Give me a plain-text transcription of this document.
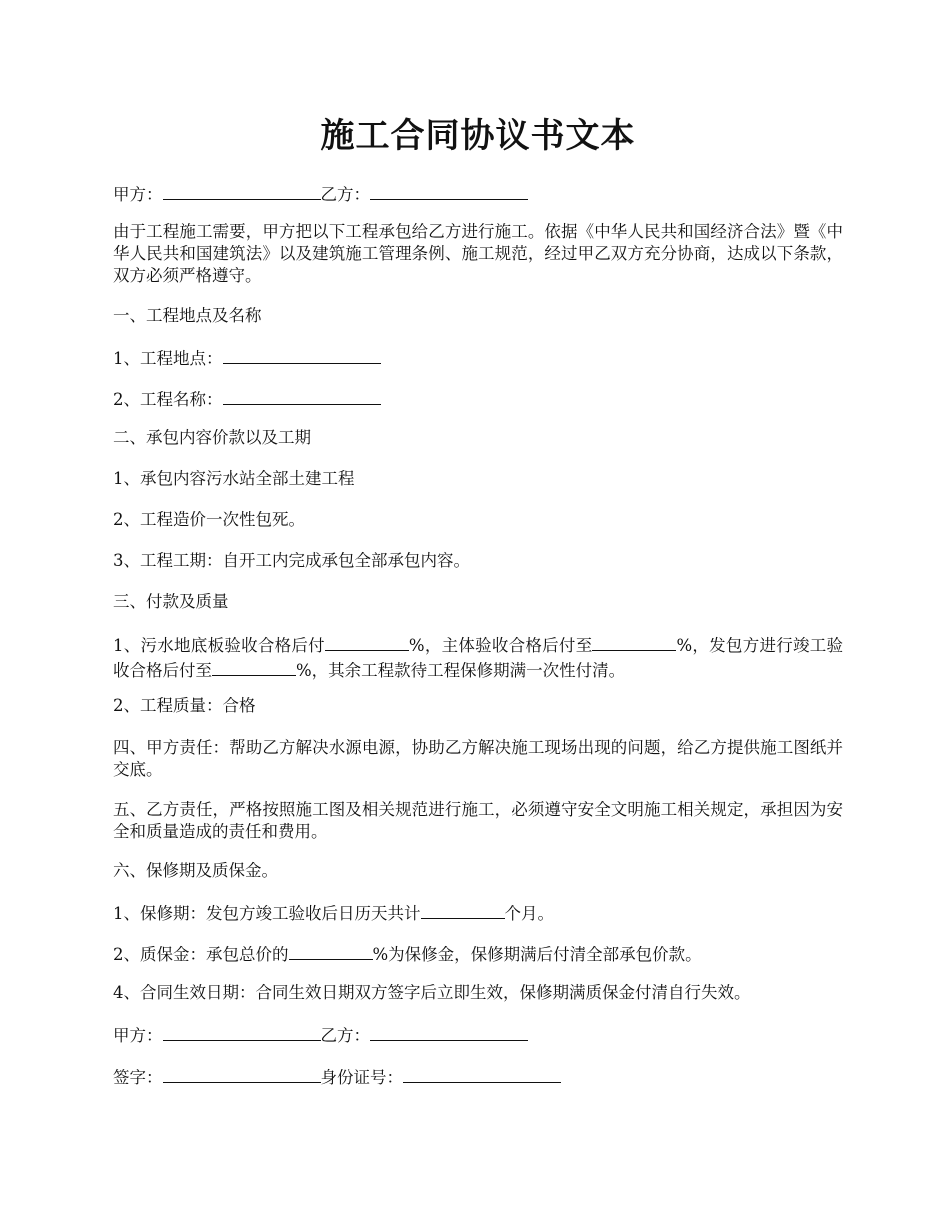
施工合同协议书文本

甲方：	乙方：

由于工程施工需要，甲方把以下工程承包给乙方进行施工。依据《中华人民共和国经济合法》暨《中华人民共和国建筑法》以及建筑施工管理条例、施工规范，经过甲乙双方充分协商，达成以下条款，双方必须严格遵守。

一、工程地点及名称

1、工程地点：

2、工程名称：

二、承包内容价款以及工期

1、承包内容污水站全部土建工程

2、工程造价一次性包死。

3、工程工期：自开工内完成承包全部承包内容。

三、付款及质量

1、污水地底板验收合格后付	%，主体验收合格后付至	%，发包方进行竣工验收合格后付至	%，其余工程款待工程保修期满一次性付清。

2、工程质量：合格

四、甲方责任：帮助乙方解决水源电源，协助乙方解决施工现场出现的问题，给乙方提供施工图纸并交底。

五、乙方责任，严格按照施工图及相关规范进行施工，必须遵守安全文明施工相关规定，承担因为安全和质量造成的责任和费用。

六、保修期及质保金。

1、保修期：发包方竣工验收后日历天共计	个月。

2、质保金：承包总价的	%为保修金，保修期满后付清全部承包价款。

4、合同生效日期：合同生效日期双方签字后立即生效，保修期满质保金付清自行失效。

甲方：	乙方：

签字：	身份证号：
